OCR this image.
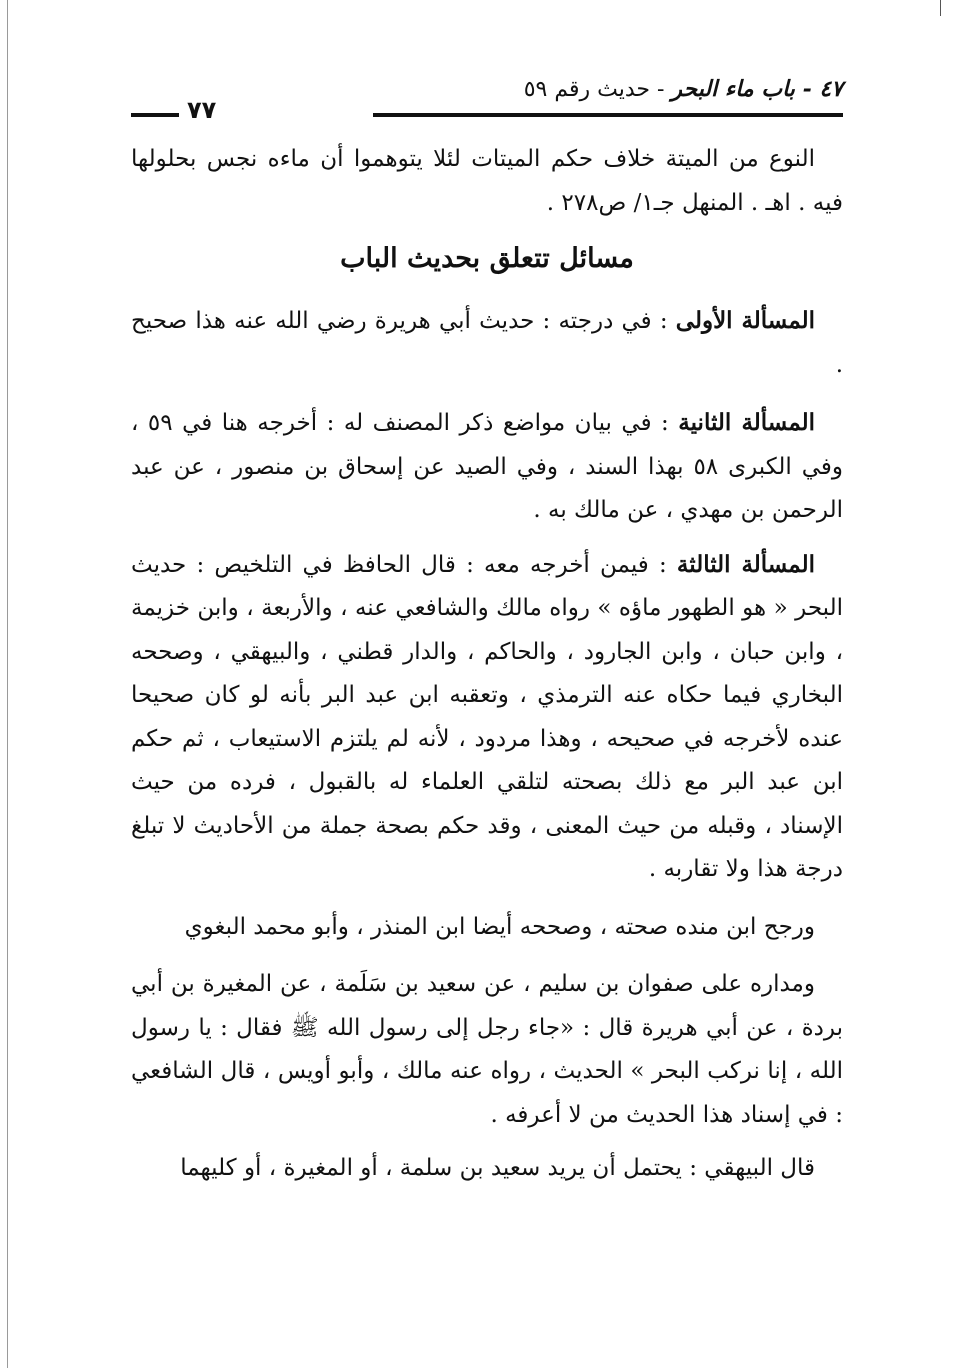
٤٧ - باب ماء البحر - حديث رقم ٥٩
٧٧

النوع من الميتة خلاف حكم الميتات لئلا يتوهموا أن ماءه نجس بحلولها فيه . اهـ . المنهل جـ١/ ص٢٧٨ .

مسائل تتعلق بحديث الباب

المسألة الأولى : في درجته : حديث أبي هريرة رضي الله عنه هذا صحيح .

المسألة الثانية : في بيان مواضع ذكر المصنف له : أخرجه هنا في ٥٩ ، وفي الكبرى ٥٨ بهذا السند ، وفي الصيد عن إسحاق بن منصور ، عن عبد الرحمن بن مهدي ، عن مالك به .

المسألة الثالثة : فيمن أخرجه معه : قال الحافظ في التلخيص : حديث البحر « هو الطهور ماؤه » رواه مالك والشافعي عنه ، والأربعة ، وابن خزيمة ، وابن حبان ، وابن الجارود ، والحاكم ، والدار قطني ، والبيهقي ، وصححه البخاري فيما حكاه عنه الترمذي ، وتعقبه ابن عبد البر بأنه لو كان صحيحا عنده لأخرجه في صحيحه ، وهذا مردود ، لأنه لم يلتزم الاستيعاب ، ثم حكم ابن عبد البر مع ذلك بصحته لتلقي العلماء له بالقبول ، فرده من حيث الإسناد ، وقبله من حيث المعنى ، وقد حكم بصحة جملة من الأحاديث لا تبلغ درجة هذا ولا تقاربه .

ورجح ابن منده صحته ، وصححه أيضا ابن المنذر ، وأبو محمد البغوي

ومداره على صفوان بن سليم ، عن سعيد بن سَلَمة ، عن المغيرة بن أبي بردة ، عن أبي هريرة قال : «جاء رجل إلى رسول الله ﷺ فقال : يا رسول الله ، إنا نركب البحر » الحديث ، رواه عنه مالك ، وأبو أويس ، قال الشافعي : في إسناد هذا الحديث من لا أعرفه .

قال البيهقي : يحتمل أن يريد سعيد بن سلمة ، أو المغيرة ، أو كليهما
